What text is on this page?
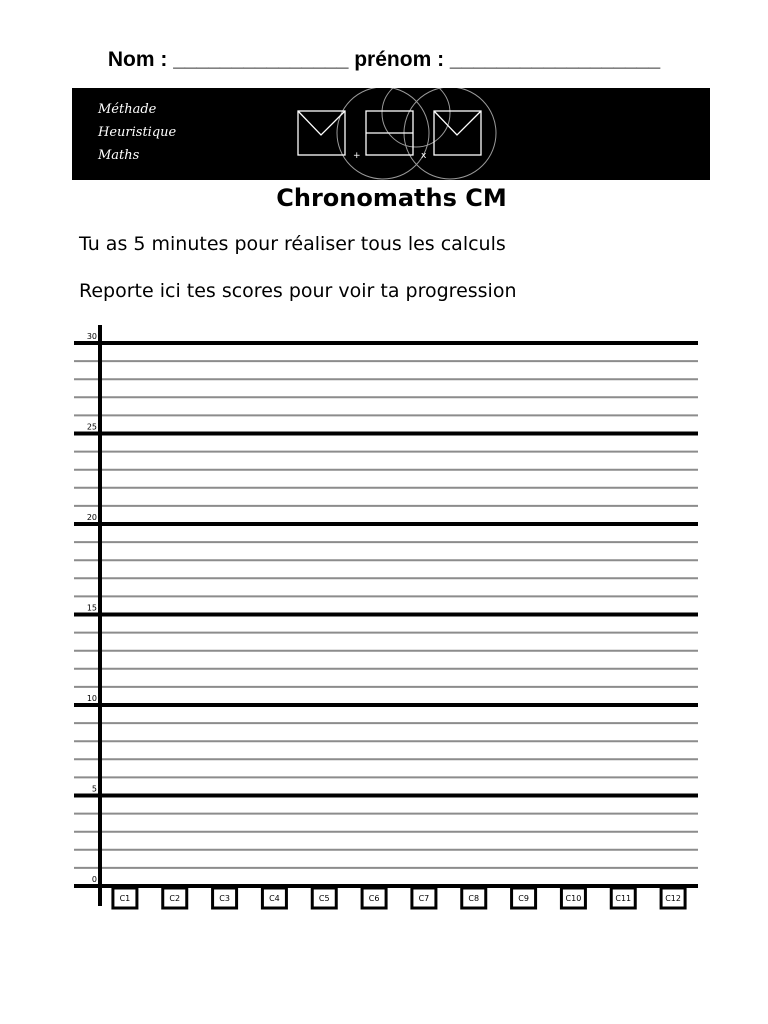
Nom : _______________ prénom : __________________
Méthade
Heuristique
Maths	+	x
Chronomaths CM
Tu as 5 minutes pour réaliser tous les calculs
Reporte ici tes scores pour voir ta progression
0
5
10
15
20
25
30
C1	C2	C3	C4	C5	C6	C7	C8	C9	C10	C11	C12
